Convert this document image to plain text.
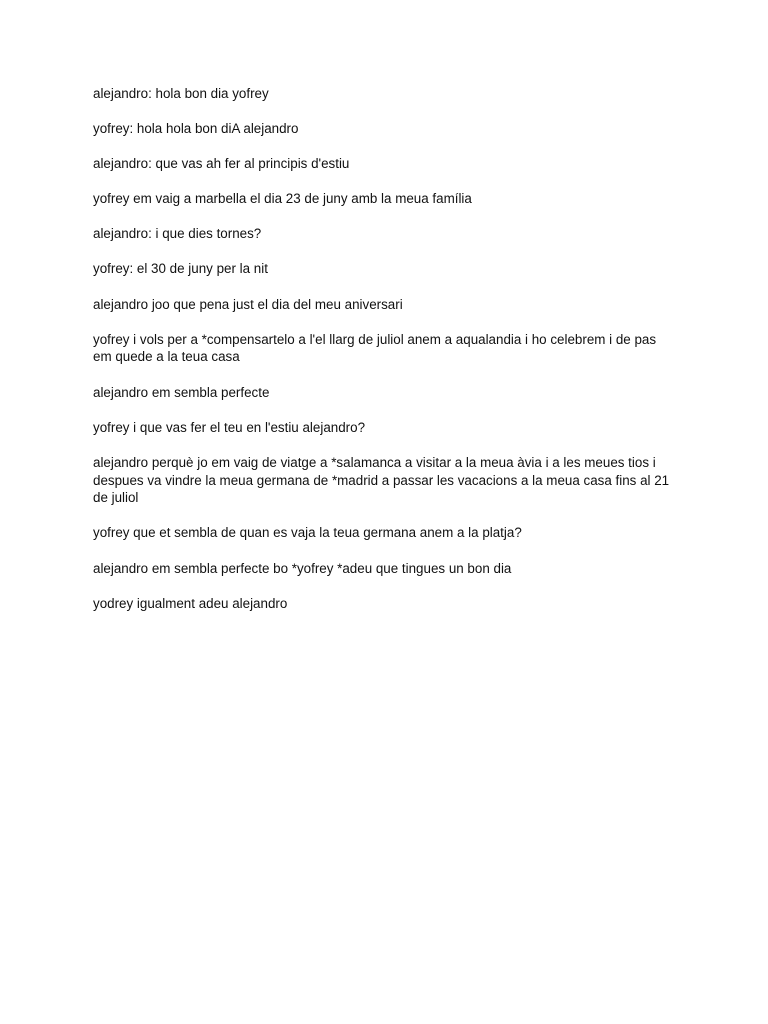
alejandro: hola bon dia yofrey

yofrey: hola hola bon diA alejandro

alejandro: que vas ah fer al principis d'estiu

yofrey em vaig a marbella el dia 23 de juny amb la meua família

alejandro: i que dies tornes?

yofrey: el 30 de juny per la nit

alejandro joo que pena just el dia del meu aniversari

yofrey i vols per a *compensartelo a l'el llarg de juliol anem a aqualandia i ho celebrem i de pas em quede a la teua casa

alejandro em sembla perfecte

yofrey i que vas fer el teu en l'estiu alejandro?

alejandro perquè jo em vaig de viatge a *salamanca a visitar a la meua àvia i a les meues tios i despues va vindre la meua germana de *madrid a passar les vacacions a la meua casa fins al 21 de juliol

yofrey que et sembla de quan es vaja la teua germana anem a la platja?

alejandro em sembla perfecte bo *yofrey *adeu que tingues un bon dia

yodrey igualment adeu alejandro
